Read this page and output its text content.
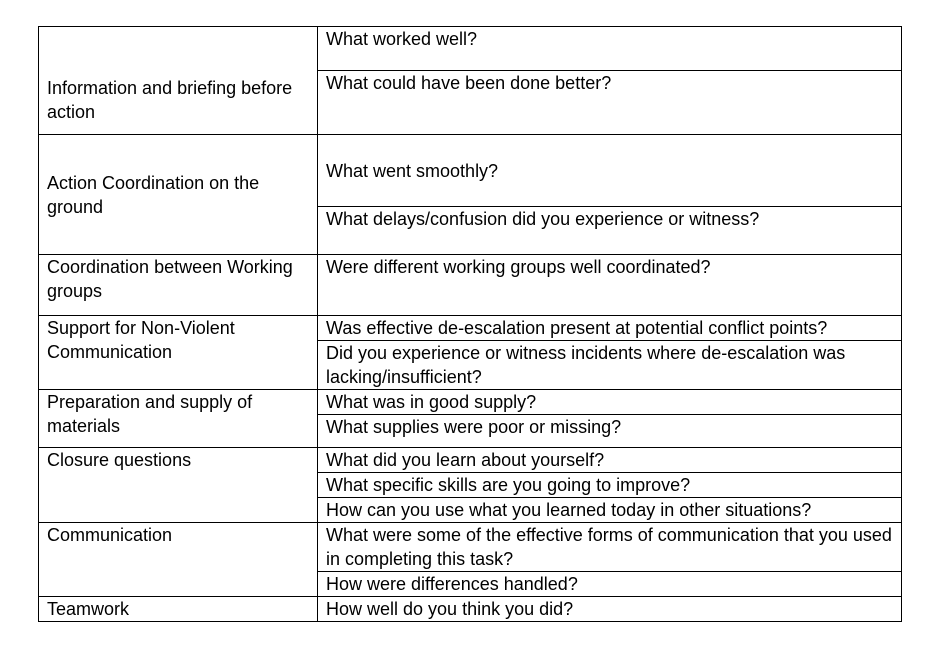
Information and briefing before action	What worked well?

	What could have been done better?

Action Coordination on the ground	What went smoothly?

	What delays/confusion did you experience or witness?

Coordination between Working groups	Were different working groups well coordinated?

Support for Non-Violent Communication	Was effective de-escalation present at potential conflict points?

	Did you experience or witness incidents where de-escalation was lacking/insufficient?

Preparation and supply of materials	What was in good supply?

	What supplies were poor or missing?

Closure questions	What did you learn about yourself?

	What specific skills are you going to improve?

	How can you use what you learned today in other situations?

Communication	What were some of the effective forms of communication that you used in completing this task?

	How were differences handled?

Teamwork	How well do you think you did?
